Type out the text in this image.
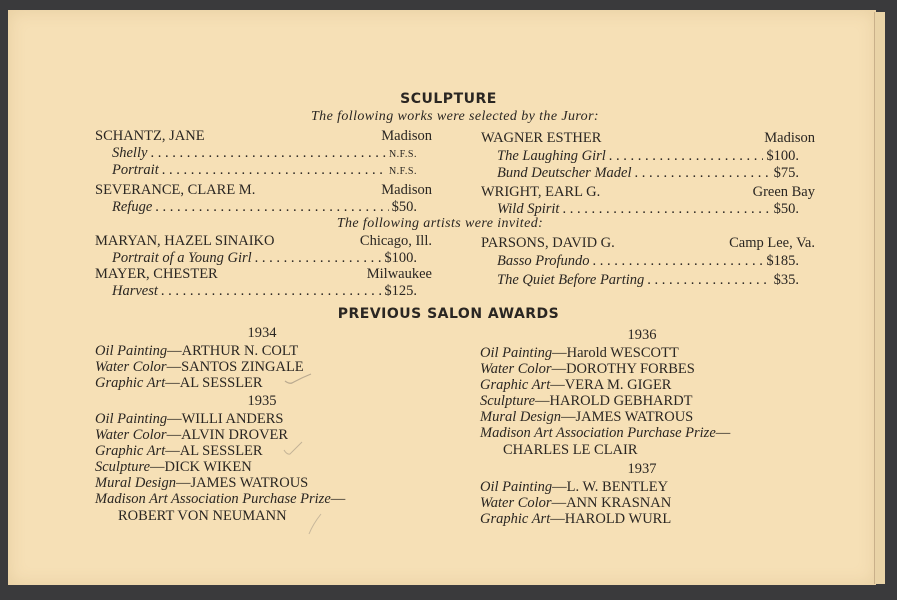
SCULPTURE
The following works were selected by the Juror:
SCHANTZ, JANE	Madison
Shelly . . .	N.F.S.
Portrait . . .	N.F.S.
SEVERANCE, CLARE M.	Madison
Refuge . . .	$50.
WAGNER ESTHER	Madison
The Laughing Girl . . .	$100.
Bund Deutscher Madel . . .	$75.
WRIGHT, EARL G.	Green Bay
Wild Spirit . . .	$50.
The following artists were invited:
MARYAN, HAZEL SINAIKO	Chicago, Ill.
Portrait of a Young Girl . . .	$100.
MAYER, CHESTER	Milwaukee
Harvest . . .	$125.
PARSONS, DAVID G.	Camp Lee, Va.
Basso Profundo . . .	$185.
The Quiet Before Parting . . .	$35.
PREVIOUS SALON AWARDS
1934
Oil Painting—ARTHUR N. COLT
Water Color—SANTOS ZINGALE
Graphic Art—AL SESSLER
1935
Oil Painting—WILLI ANDERS
Water Color—ALVIN DROVER
Graphic Art—AL SESSLER
Sculpture—DICK WIKEN
Mural Design—JAMES WATROUS
Madison Art Association Purchase Prize—
ROBERT VON NEUMANN
1936
Oil Painting—Harold WESCOTT
Water Color—DOROTHY FORBES
Graphic Art—VERA M. GIGER
Sculpture—HAROLD GEBHARDT
Mural Design—JAMES WATROUS
Madison Art Association Purchase Prize—
CHARLES LE CLAIR
1937
Oil Painting—L. W. BENTLEY
Water Color—ANN KRASNAN
Graphic Art—HAROLD WURL
